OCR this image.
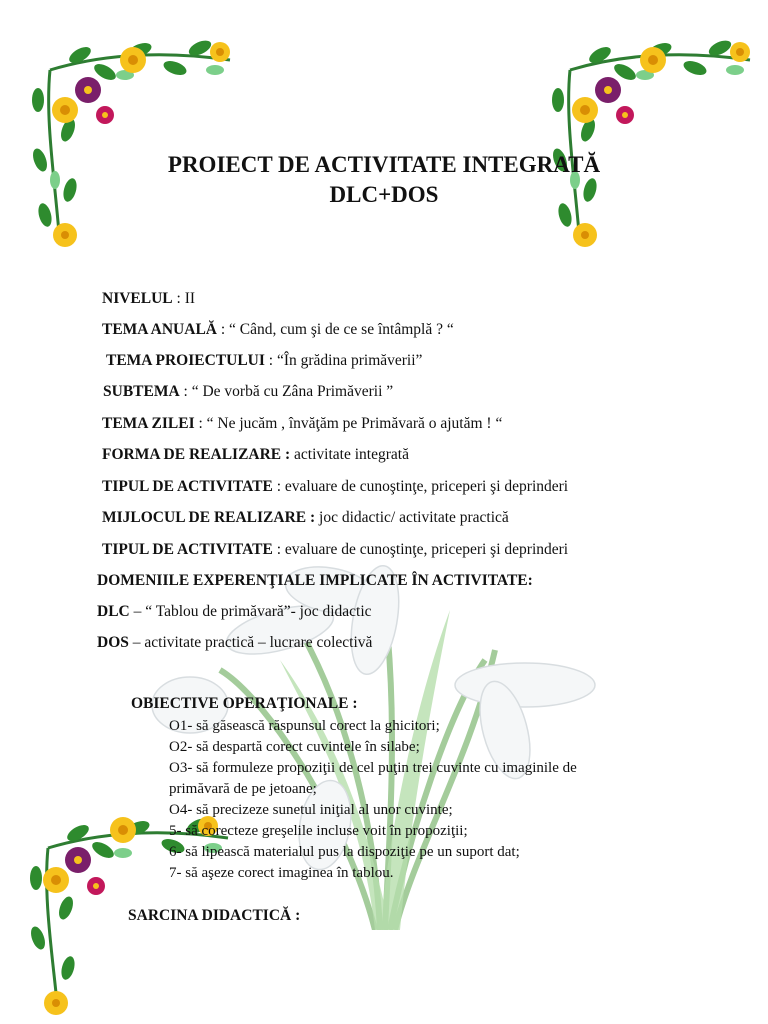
PROIECT DE ACTIVITATE INTEGRATĂ
DLC+DOS
NIVELUL : II
TEMA ANUALĂ : “ Când, cum şi de ce se întâmplă ? “
TEMA PROIECTULUI : “În grădina primăverii”
SUBTEMA : “ De vorbă cu Zâna Primăverii ”
TEMA ZILEI : “ Ne jucăm , învăţăm pe Primăvară o ajutăm ! “
FORMA DE REALIZARE : activitate integrată
TIPUL DE ACTIVITATE : evaluare de cunoştinţe, priceperi şi deprinderi
MIJLOCUL DE REALIZARE : joc didactic/ activitate practică
TIPUL DE ACTIVITATE : evaluare de cunoştinţe, priceperi şi deprinderi
DOMENIILE EXPERENŢIALE IMPLICATE ÎN ACTIVITATE:
DLC – “ Tablou de primăvară”- joc didactic
DOS – activitate practică – lucrare colectivă
OBIECTIVE OPERAŢIONALE :
O1- să găsească răspunsul corect la ghicitori;
O2- să despartă corect cuvintele în silabe;
O3- să formuleze propoziţii de cel puţin trei cuvinte cu imaginile de
primăvară de pe jetoane;
O4- să precizeze sunetul iniţial al unor cuvinte;
5- să corecteze greşelile incluse voit în propoziţii;
6- să lipească materialul pus la dispoziţie pe un suport dat;
7- să aşeze corect imaginea în tablou.
SARCINA DIDACTICĂ :
